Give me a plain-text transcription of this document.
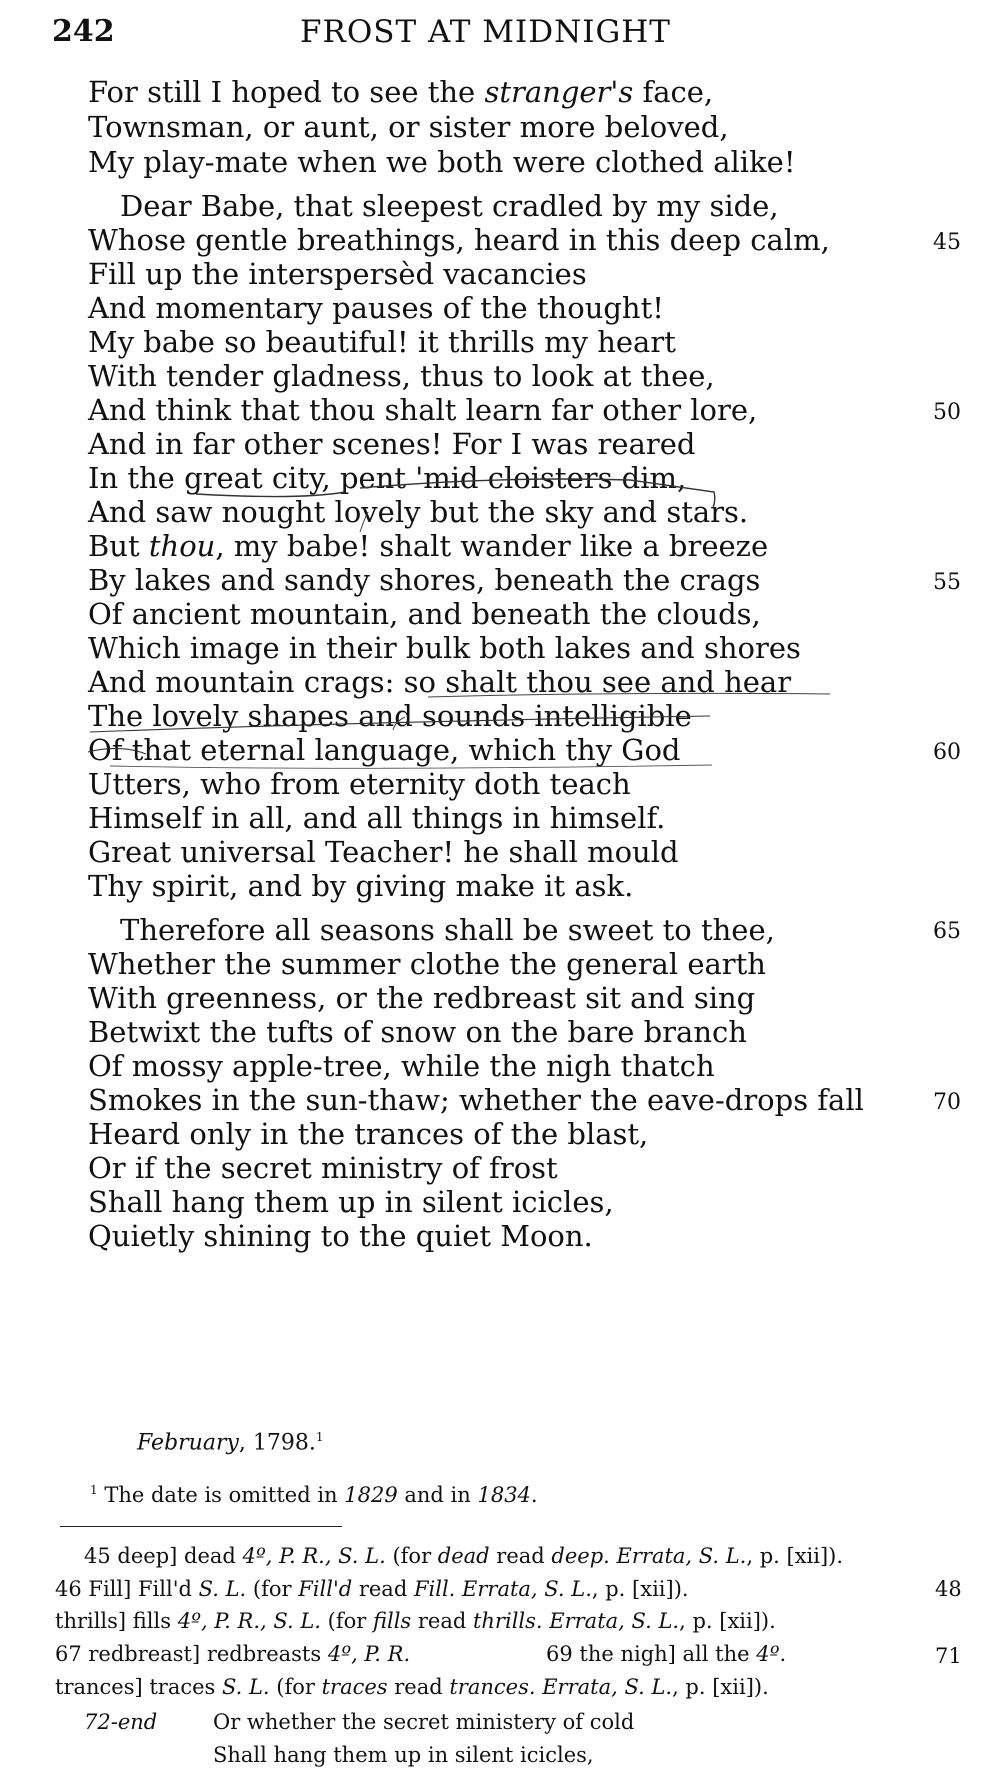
242	FROST AT MIDNIGHT
For still I hoped to see the stranger's face,
Townsman, or aunt, or sister more beloved,
My play-mate when we both were clothed alike!
Dear Babe, that sleepest cradled by my side,
Whose gentle breathings, heard in this deep calm,
Fill up the interspersèd vacancies
And momentary pauses of the thought!
My babe so beautiful! it thrills my heart
With tender gladness, thus to look at thee,
And think that thou shalt learn far other lore,
And in far other scenes! For I was reared
In the great city, pent 'mid cloisters dim,
And saw nought lovely but the sky and stars.
But thou, my babe! shalt wander like a breeze
By lakes and sandy shores, beneath the crags
Of ancient mountain, and beneath the clouds,
Which image in their bulk both lakes and shores
And mountain crags: so shalt thou see and hear
The lovely shapes and sounds intelligible
Of that eternal language, which thy God
Utters, who from eternity doth teach
Himself in all, and all things in himself.
Great universal Teacher! he shall mould
Thy spirit, and by giving make it ask.
Therefore all seasons shall be sweet to thee,
Whether the summer clothe the general earth
With greenness, or the redbreast sit and sing
Betwixt the tufts of snow on the bare branch
Of mossy apple-tree, while the nigh thatch
Smokes in the sun-thaw; whether the eave-drops fall
Heard only in the trances of the blast,
Or if the secret ministry of frost
Shall hang them up in silent icicles,
Quietly shining to the quiet Moon.
45
50
55
60
65
70
February, 1798.$^1$
$^1$ The date is omitted in 1829 and in 1834.
45 deep] dead 4º, P. R., S. L. (for dead read deep. Errata, S. L., p. [xii]).
46 Fill] Fill'd S. L. (for Fill'd read Fill. Errata, S. L., p. [xii]).	48
thrills] fills 4º, P. R., S. L. (for fills read thrills. Errata, S. L., p. [xii]).
67 redbreast] redbreasts 4º, P. R.	69 the nigh] all the 4º.	71
trances] traces S. L. (for traces read trances. Errata, S. L., p. [xii]).
72-end	Or whether the secret ministery of cold
Shall hang them up in silent icicles,
